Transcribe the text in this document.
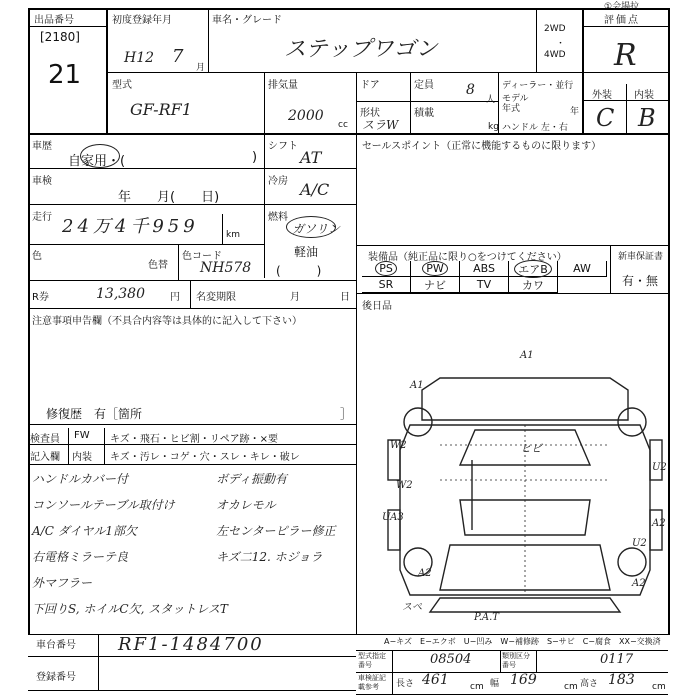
①会場拉
出品番号
[2180]
21
初度登録年月
H12 7
月
車名・グレード
ステップワゴン
2WD
・
4WD
評価点
R
型式
GF-RF1
排気量
2000
cc
ドア	定員 8
人
形状
スラW
積載
kg
ディーラー・並行
モデル年式	年
ハンドル 左・右
外装 内装
C B
車歴
自家用・(	)
シフト
AT
車検
年　　月(　　日)
冷房 A/C
走行 24万4千959	km
燃料
ガソリン
軽油
(　　　)
色
色替
色コード
NH578
R券	13,380	円 名変期限	月	日
セールスポイント（正常に機能するものに限ります）
装備品（純正品に限り○をつけてください）	新車保証書
有・無
PS	PW	ABS	エアB	AW
SR	ナビ	TV	カワ
後日品
注意事項申告欄（不具合内容等は具体的に記入して下さい）
修復歴　有［箇所	］
検査員
記入欄
FW キズ・飛石・ヒビ割・リペア跡・×要
内装 キズ・汚レ・コゲ・穴・スレ・キレ・破レ
ハンドルカバー付	ボディ振動有
コンソールテーブル取付け	オカレモル
A/C ダイヤル1部欠	左センターピラー修正
右電格ミラーテ良	キズ二12. ホジョラ
外マフラー
下回りS, ホイルC欠, スタットレスT
A1
A1
W2
W2
UA3
A2
U2
A2
U2
A2
スペ
P.A.T
ヒビ
A−キズ　E−エクボ　U−凹み　W−補修跡　S−サビ　C−腐食　XX−交換済
車台番号 RF1-1484700
登録番号
型式指定番号	08504	類別区分番号	0117
車検証記載参考	長さ 461 cm 幅 169	cm 高さ 183 cm
